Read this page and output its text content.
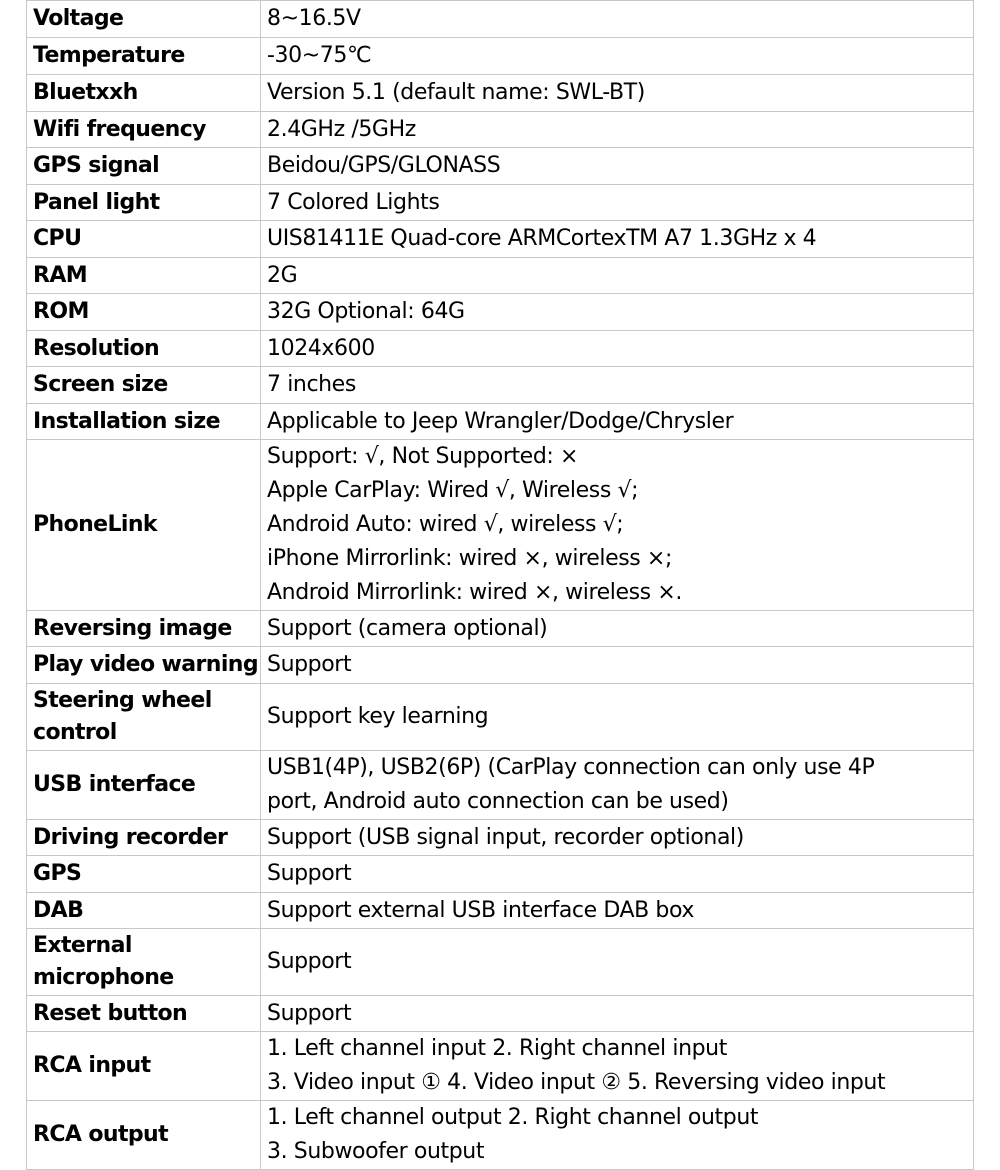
Voltage	8~16.5V

Temperature	-30~75℃

Bluetxxh	Version 5.1 (default name: SWL-BT)

Wifi frequency	2.4GHz /5GHz

GPS signal	Beidou/GPS/GLONASS

Panel light	7 Colored Lights

CPU	UIS81411E Quad-core ARMCortexTM A7 1.3GHz x 4

RAM	2G

ROM	32G Optional: 64G

Resolution	1024x600

Screen size	7 inches

Installation size	Applicable to Jeep Wrangler/Dodge/Chrysler

PhoneLink	Support: √, Not Supported: ×
Apple CarPlay: Wired √, Wireless √;
Android Auto: wired √, wireless √;
iPhone Mirrorlink: wired ×, wireless ×;
Android Mirrorlink: wired ×, wireless ×.

Reversing image	Support (camera optional)

Play video warning	Support

Steering wheel control	Support key learning

USB interface	USB1(4P), USB2(6P) (CarPlay connection can only use 4P
port, Android auto connection can be used)

Driving recorder	Support (USB signal input, recorder optional)

GPS	Support

DAB	Support external USB interface DAB box

External microphone	Support

Reset button	Support

RCA input	1. Left channel input 2. Right channel input
3. Video input ① 4. Video input ② 5. Reversing video input

RCA output	1. Left channel output 2. Right channel output
3. Subwoofer output
